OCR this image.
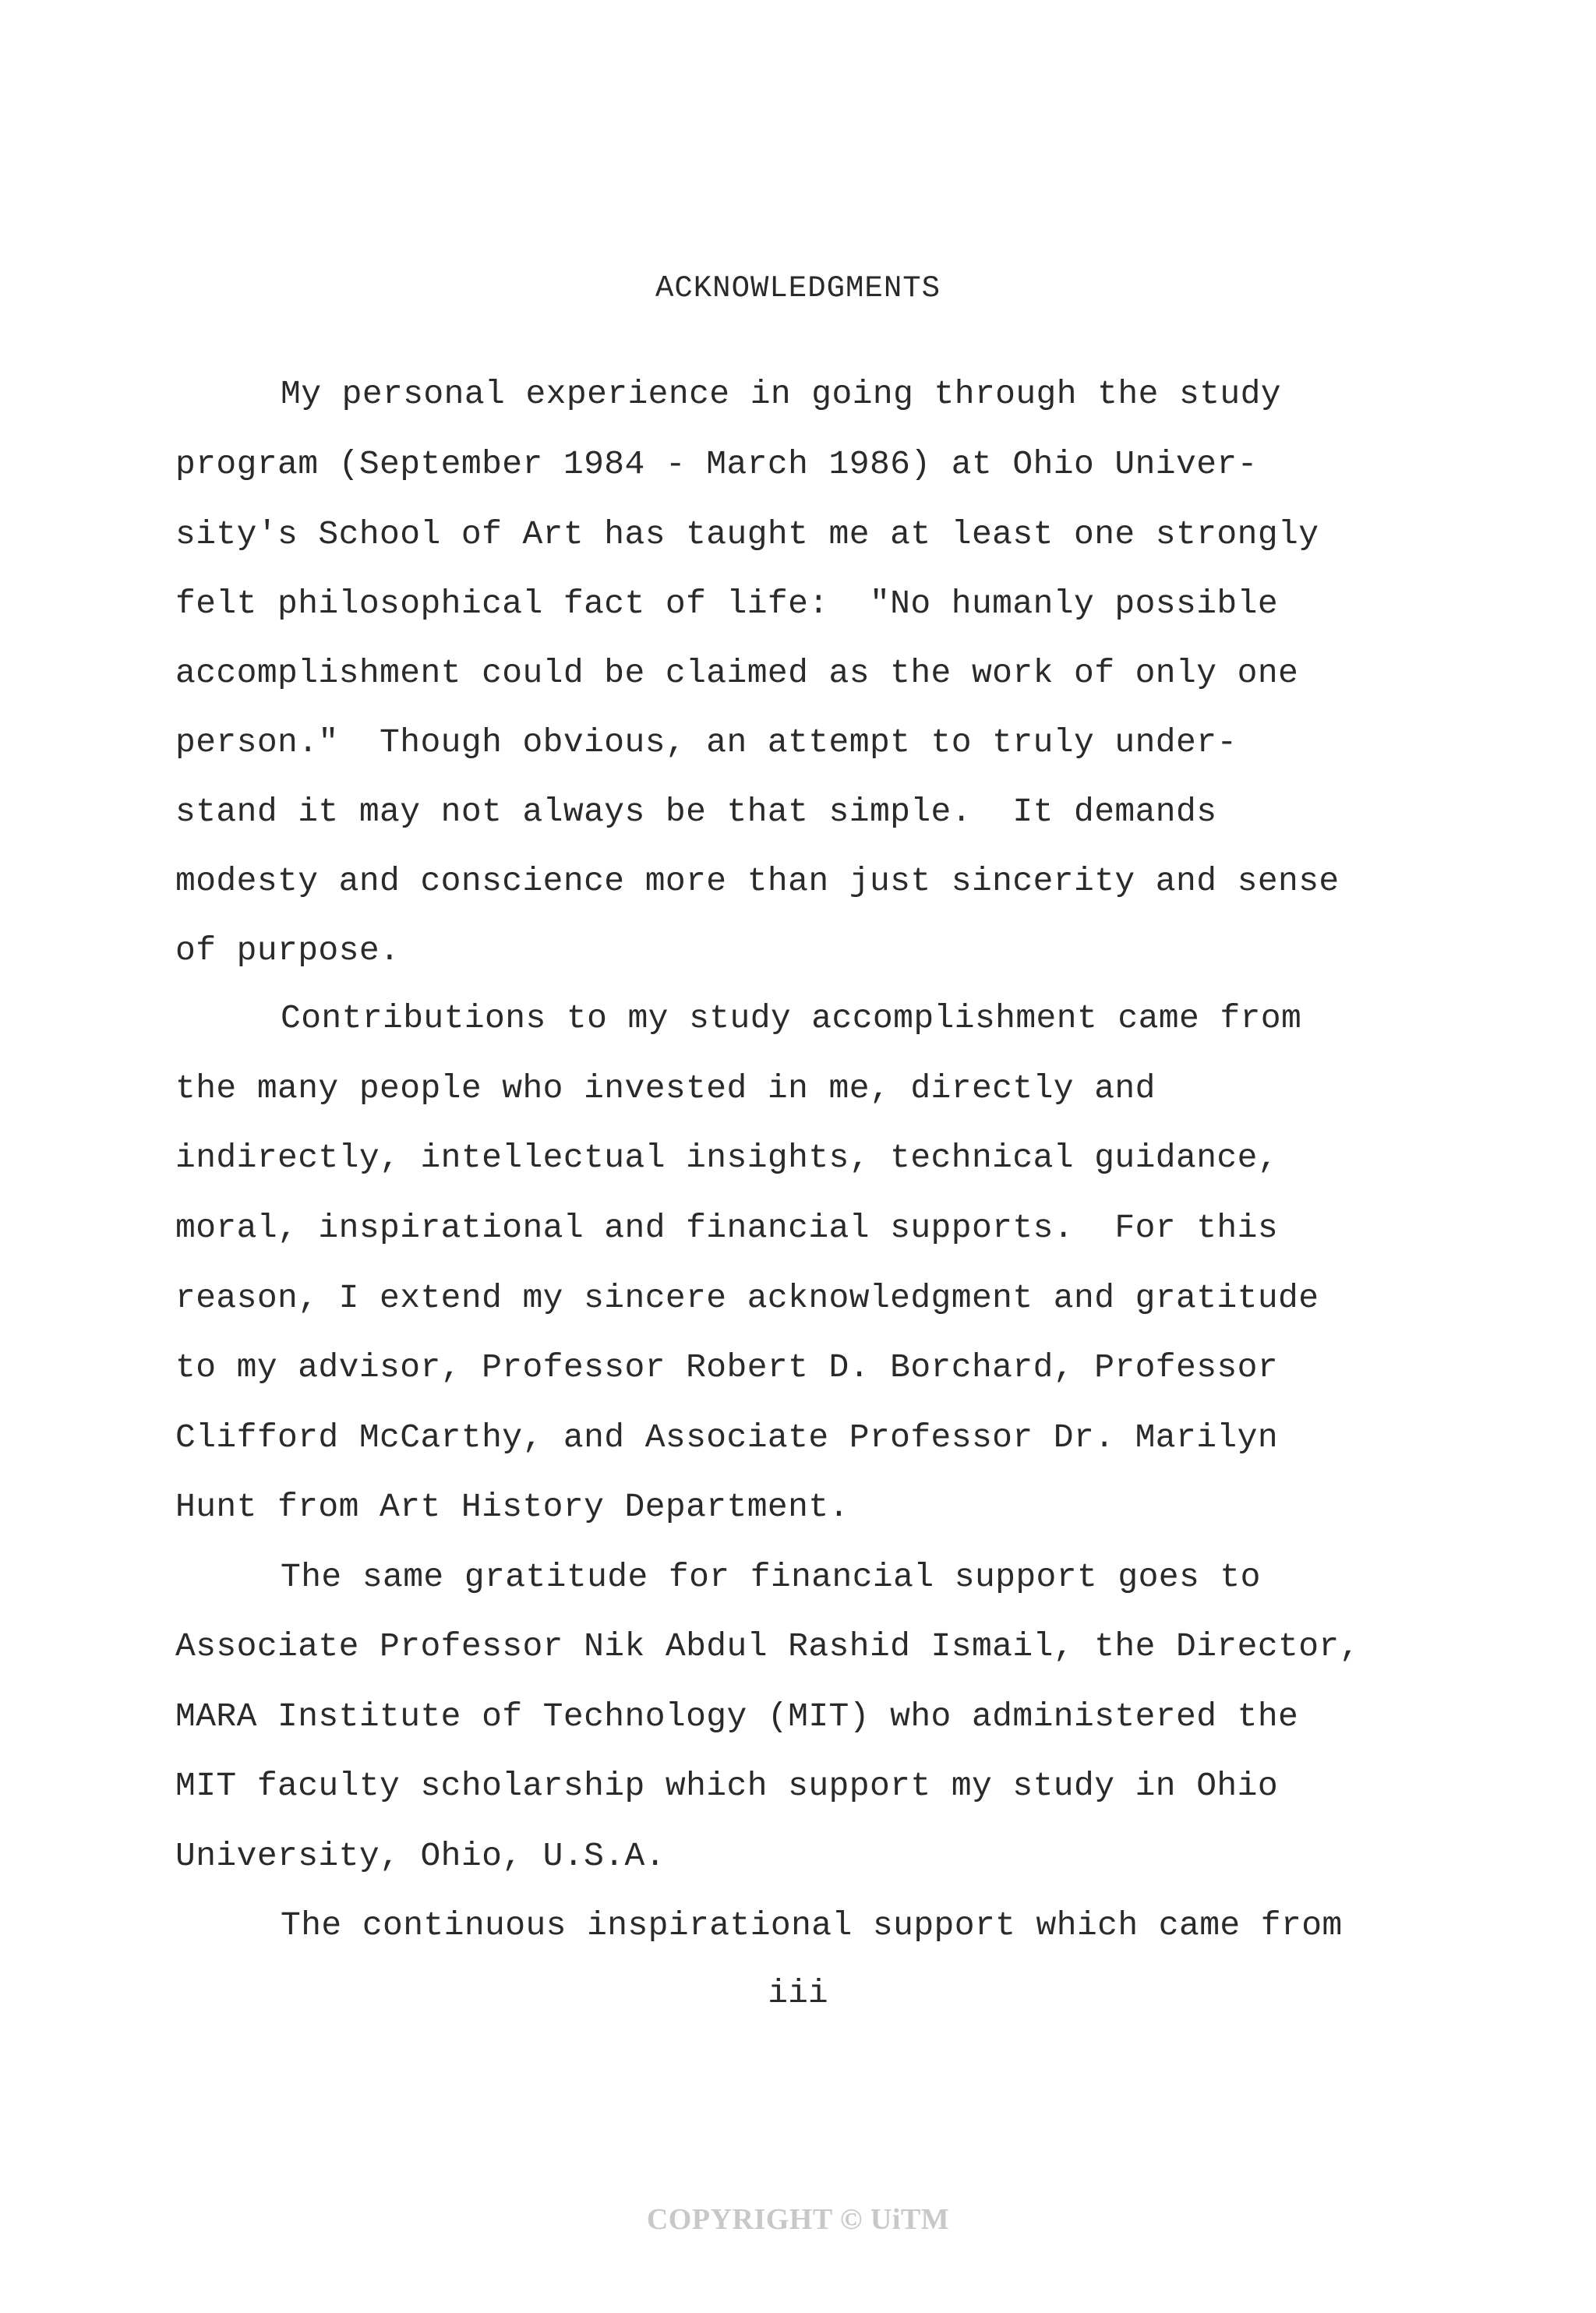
ACKNOWLEDGMENTS
My personal experience in going through the study
program (September 1984 - March 1986) at Ohio Univer-
sity's School of Art has taught me at least one strongly
felt philosophical fact of life:  "No humanly possible
accomplishment could be claimed as the work of only one
person."  Though obvious, an attempt to truly under-
stand it may not always be that simple.  It demands
modesty and conscience more than just sincerity and sense
of purpose.
Contributions to my study accomplishment came from
the many people who invested in me, directly and
indirectly, intellectual insights, technical guidance,
moral, inspirational and financial supports.  For this
reason, I extend my sincere acknowledgment and gratitude
to my advisor, Professor Robert D. Borchard, Professor
Clifford McCarthy, and Associate Professor Dr. Marilyn
Hunt from Art History Department.
The same gratitude for financial support goes to
Associate Professor Nik Abdul Rashid Ismail, the Director,
MARA Institute of Technology (MIT) who administered the
MIT faculty scholarship which support my study in Ohio
University, Ohio, U.S.A.
The continuous inspirational support which came from
iii
COPYRIGHT © UiTM
